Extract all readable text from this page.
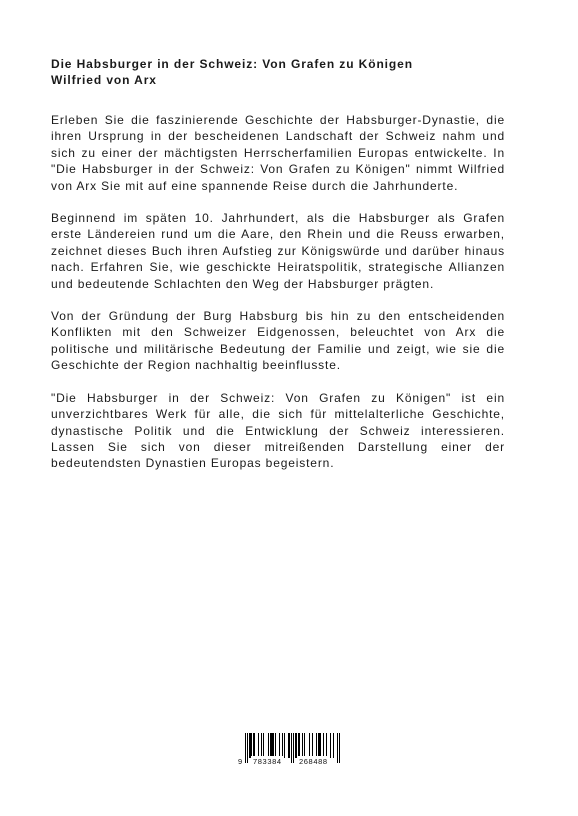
Die Habsburger in der Schweiz: Von Grafen zu Königen
Wilfried von Arx

Erleben Sie die faszinierende Geschichte der Habsburger-Dynastie, die ihren Ursprung in der bescheidenen Landschaft der Schweiz nahm und sich zu einer der mächtigsten Herrscherfamilien Europas entwickelte. In "Die Habsburger in der Schweiz: Von Grafen zu Königen" nimmt Wilfried von Arx Sie mit auf eine spannende Reise durch die Jahrhunderte.

Beginnend im späten 10. Jahrhundert, als die Habsburger als Grafen erste Ländereien rund um die Aare, den Rhein und die Reuss erwarben, zeichnet dieses Buch ihren Aufstieg zur Königswürde und darüber hinaus nach. Erfahren Sie, wie geschickte Heiratspolitik, strategische Allianzen und bedeutende Schlachten den Weg der Habsburger prägten.

Von der Gründung der Burg Habsburg bis hin zu den entscheidenden Konflikten mit den Schweizer Eidgenossen, beleuchtet von Arx die politische und militärische Bedeutung der Familie und zeigt, wie sie die Geschichte der Region nachhaltig beeinflusste.

"Die Habsburger in der Schweiz: Von Grafen zu Königen" ist ein unverzichtbares Werk für alle, die sich für mittelalterliche Geschichte, dynastische Politik und die Entwicklung der Schweiz interessieren. Lassen Sie sich von dieser mitreißenden Darstellung einer der bedeutendsten Dynastien Europas begeistern.

9 783384 268488
